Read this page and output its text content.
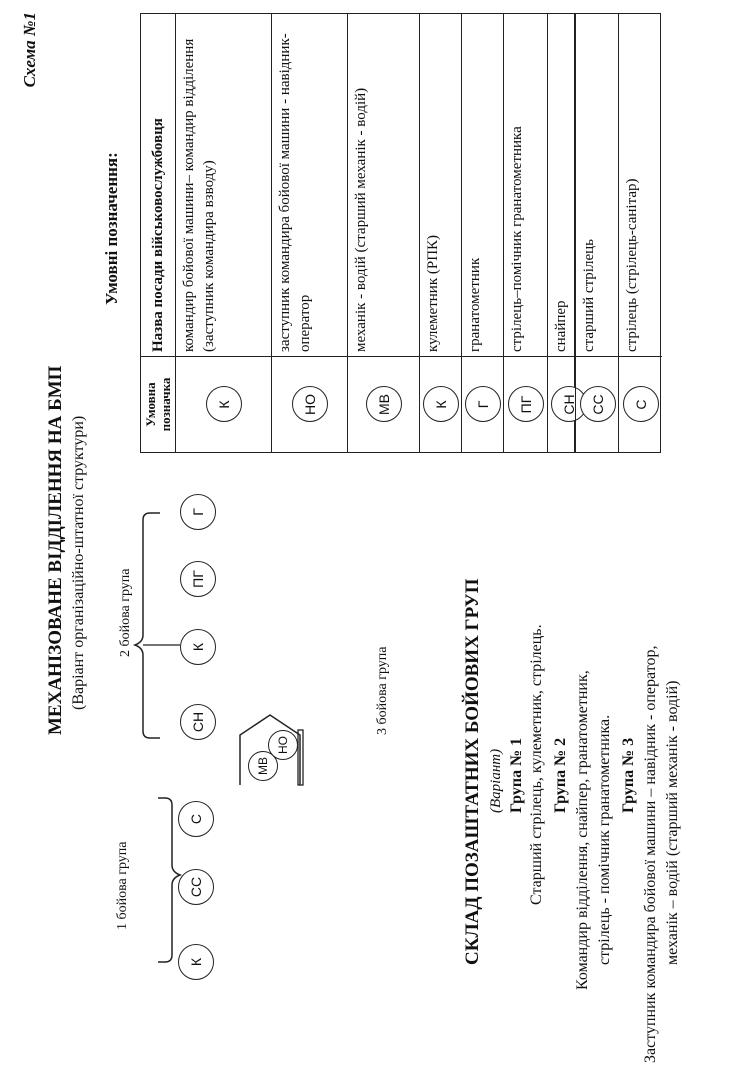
Схема №1
МЕХАНІЗОВАНЕ ВІДДІЛЕННЯ НА БМП (Варіант організаційно-штатної структури)
1 бойова група
2 бойова група
3 бойова група
К
СС
С
МВ
НО
СН
К
ПГ
Г
Умовні позначення:
Умовна позначка
Назва посади військовослужбовця
К
командир бойової машини– командир відділення (заступник командира взводу)
НО
заступник командира бойової машини - навідник-оператор
МВ
механік - водій (старший механік - водій)
К
кулеметник (РПК)
Г
гранатометник
ПГ
стрілець–помічник гранатометника
СН
снайпер
СС
старший стрілець
С
стрілець (стрілець-санітар)
СКЛАД ПОЗАШТАТНИХ БОЙОВИХ ГРУП (Варіант) Група № 1 Старший стрілець, кулеметник, стрілець. Група № 2 Командир відділення, снайпер, гранатометник, стрілець - помічник гранатометника. Група № 3 Заступник командира бойової машини – навідник - оператор, механік – водій (старший механік - водій)
